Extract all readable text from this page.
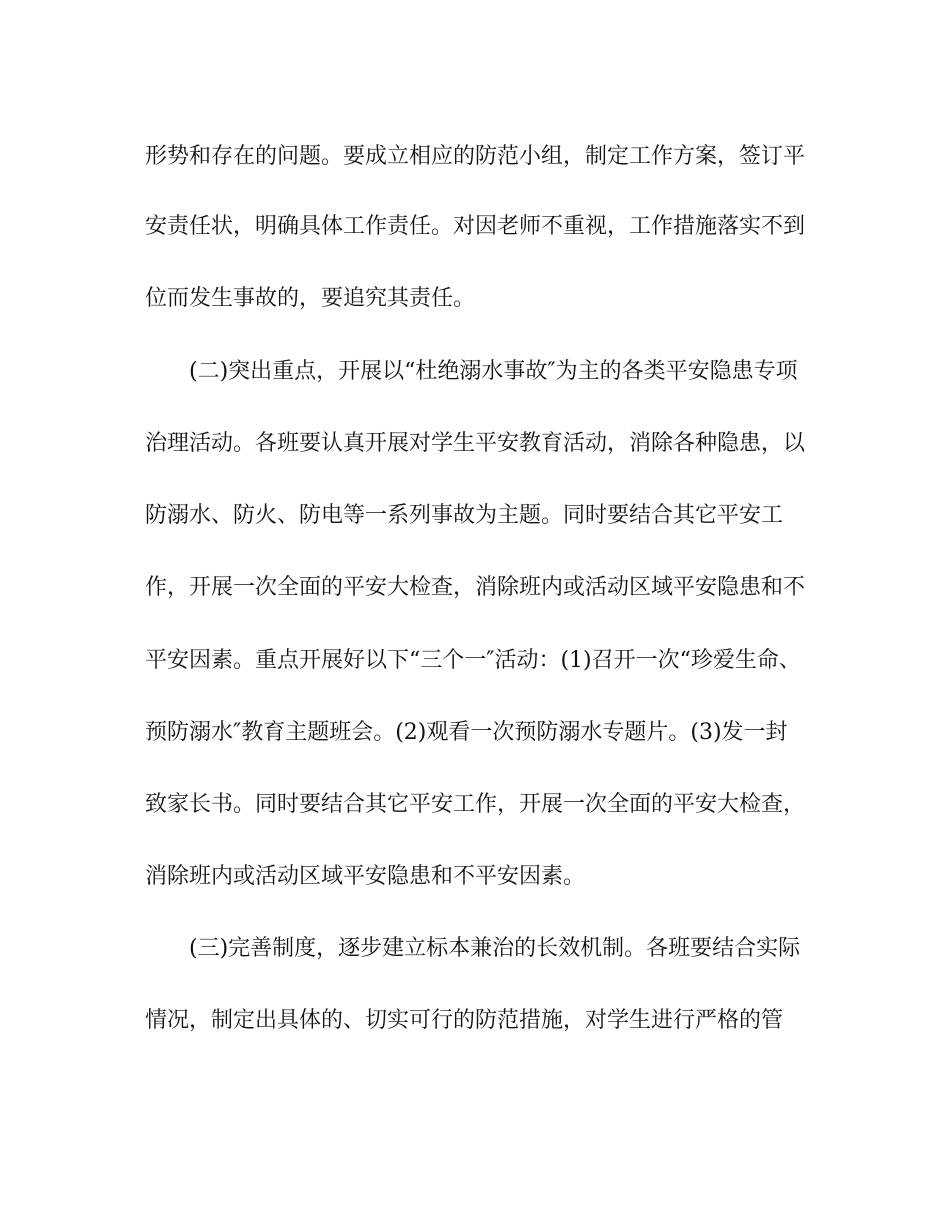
形势和存在的问题。要成立相应的防范小组，制定工作方案，签订平
安责任状，明确具体工作责任。对因老师不重视，工作措施落实不到
位而发生事故的，要追究其责任。
(二)突出重点，开展以“杜绝溺水事故″为主的各类平安隐患专项
治理活动。各班要认真开展对学生平安教育活动，消除各种隐患，以
防溺水、防火、防电等一系列事故为主题。同时要结合其它平安工
作，开展一次全面的平安大检查，消除班内或活动区域平安隐患和不
平安因素。重点开展好以下“三个一″活动：(1)召开一次“珍爱生命、
预防溺水″教育主题班会。(2)观看一次预防溺水专题片。(3)发一封
致家长书。同时要结合其它平安工作，开展一次全面的平安大检查，
消除班内或活动区域平安隐患和不平安因素。
(三)完善制度，逐步建立标本兼治的长效机制。各班要结合实际
情况，制定出具体的、切实可行的防范措施，对学生进行严格的管
